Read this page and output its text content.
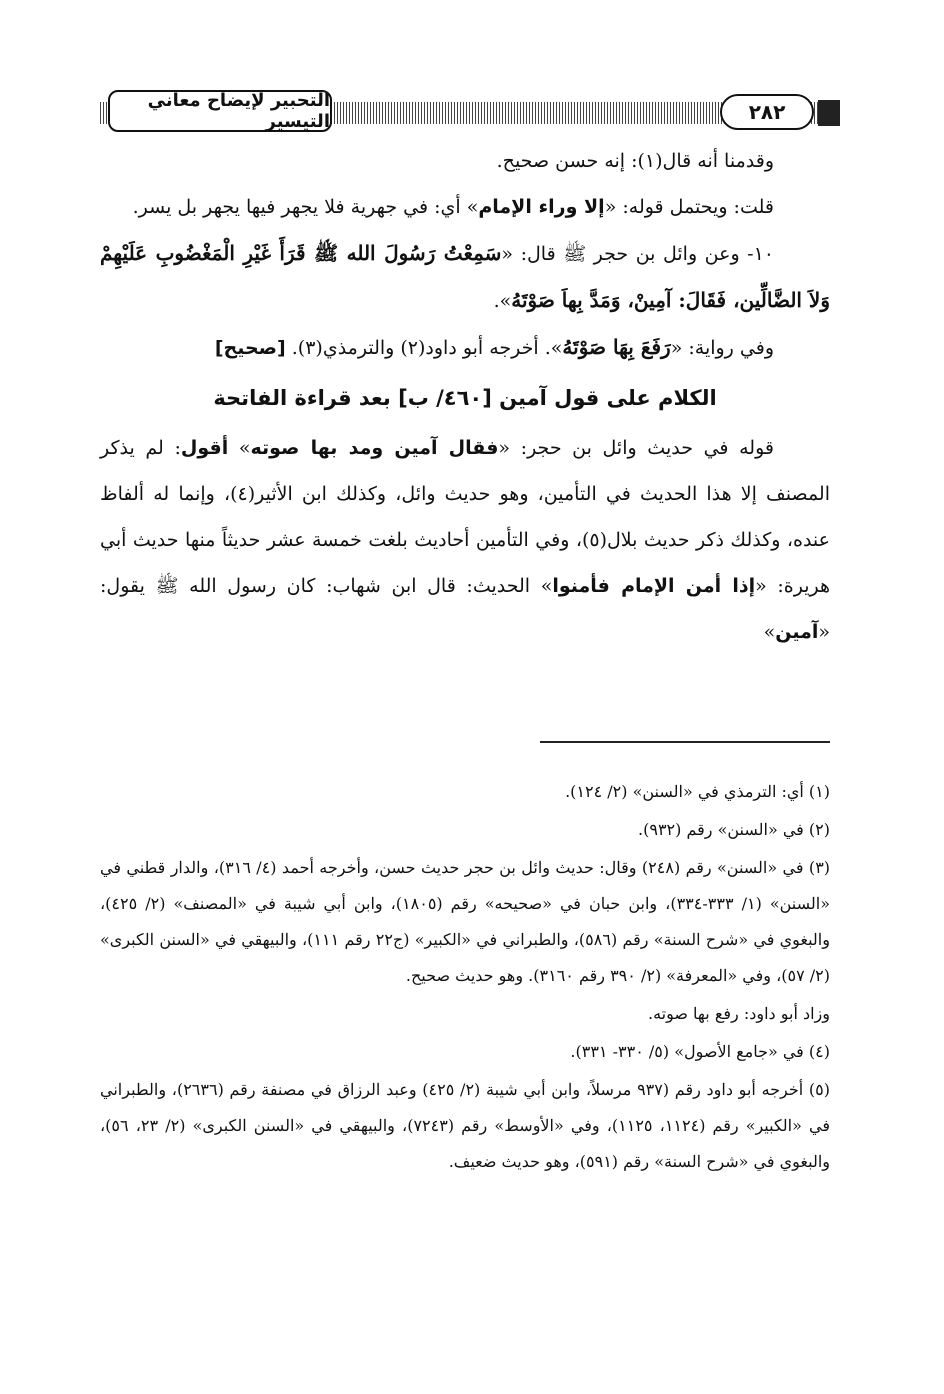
التحبير لإيضاح معاني التيسير	٢٨٢

وقدمنا أنه قال(١): إنه حسن صحيح.

قلت: ويحتمل قوله: «إلا وراء الإمام» أي: في جهرية فلا يجهر فيها يجهر بل يسر.

١٠- وعن وائل بن حجر ﷺ قال: «سَمِعْتُ رَسُولَ الله ﷺ قَرَأَ غَيْرِ الْمَغْضُوبِ عَلَيْهِمْ وَلاَ الضَّالِّين، فَقَالَ: آمِينْ، وَمَدَّ بِهاَ صَوْتَهُ».

وفي رواية: «رَفَعَ بِهَا صَوْتَهُ». أخرجه أبو داود(٢) والترمذي(٣). [صحيح]

الكلام على قول آمين [٤٦٠/ ب] بعد قراءة الفاتحة

قوله في حديث وائل بن حجر: «فقال آمين ومد بها صوته» أقول: لم يذكر المصنف إلا هذا الحديث في التأمين، وهو حديث وائل، وكذلك ابن الأثير(٤)، وإنما له ألفاظ عنده، وكذلك ذكر حديث بلال(٥)، وفي التأمين أحاديث بلغت خمسة عشر حديثاً منها حديث أبي هريرة: «إذا أمن الإمام فأمنوا» الحديث: قال ابن شهاب: كان رسول الله ﷺ يقول: «آمين»

(١) أي: الترمذي في «السنن» (٢/ ١٢٤).

(٢) في «السنن» رقم (٩٣٢).

(٣) في «السنن» رقم (٢٤٨) وقال: حديث وائل بن حجر حديث حسن، وأخرجه أحمد (٤/ ٣١٦)، والدار قطني في «السنن» (١/ ٣٣٣-٣٣٤)، وابن حبان في «صحيحه» رقم (١٨٠٥)، وابن أبي شيبة في «المصنف» (٢/ ٤٢٥)، والبغوي في «شرح السنة» رقم (٥٨٦)، والطبراني في «الكبير» (ج٢٢ رقم ١١١)، والبيهقي في «السنن الكبرى» (٢/ ٥٧)، وفي «المعرفة» (٢/ ٣٩٠ رقم ٣١٦٠). وهو حديث صحيح.

وزاد أبو داود: رفع بها صوته.

(٤) في «جامع الأصول» (٥/ ٣٣٠- ٣٣١).

(٥) أخرجه أبو داود رقم (٩٣٧ مرسلاً، وابن أبي شيبة (٢/ ٤٢٥) وعبد الرزاق في مصنفة رقم (٢٦٣٦)، والطبراني في «الكبير» رقم (١١٢٤، ١١٢٥)، وفي «الأوسط» رقم (٧٢٤٣)، والبيهقي في «السنن الكبرى» (٢/ ٢٣، ٥٦)، والبغوي في «شرح السنة» رقم (٥٩١)، وهو حديث ضعيف.
